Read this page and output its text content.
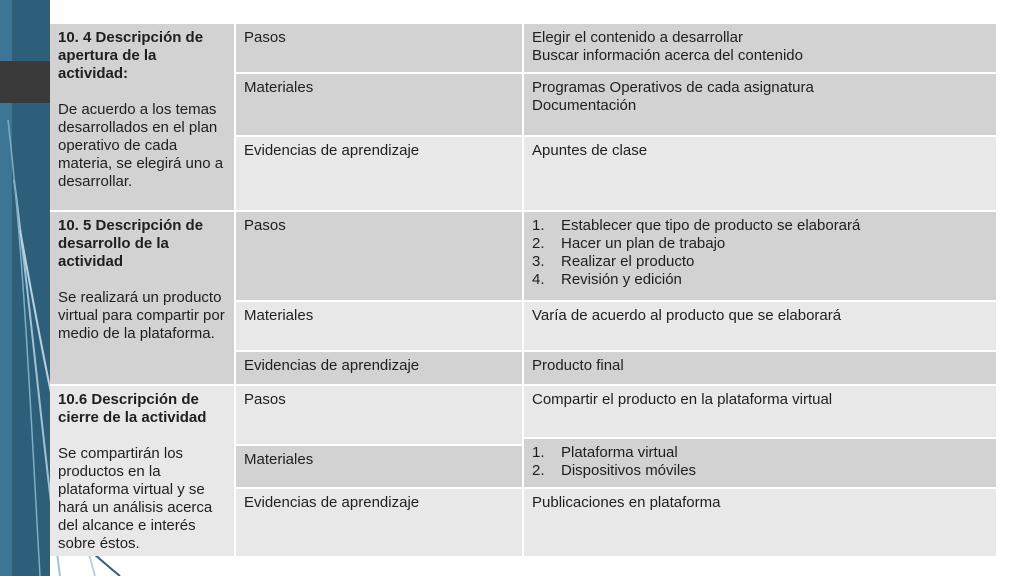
10. 4 Descripción de apertura de la actividad:
De acuerdo a los temas desarrollados en el plan operativo de cada materia, se elegirá uno a desarrollar.
Pasos	Elegir el contenido a desarrollar
Buscar información acerca del contenido
Materiales	Programas Operativos de cada asignatura
Documentación
Evidencias de aprendizaje	Apuntes de clase
10. 5 Descripción de desarrollo de la actividad
Se realizará un producto virtual para compartir por medio de la plataforma.
Pasos	1.	Establecer que tipo de producto se elaborará
2.	Hacer un plan de trabajo
3.	Realizar el producto
4.	Revisión y edición
Materiales	Varía de acuerdo al producto que se elaborará
Evidencias de aprendizaje	Producto final
10.6 Descripción de cierre de la actividad
Se compartirán los productos en la plataforma virtual y se hará un análisis acerca del alcance e interés sobre éstos.
Pasos	Compartir el producto en la plataforma virtual
Materiales	1.	Plataforma virtual
2.	Dispositivos móviles
Evidencias de aprendizaje	Publicaciones en plataforma
